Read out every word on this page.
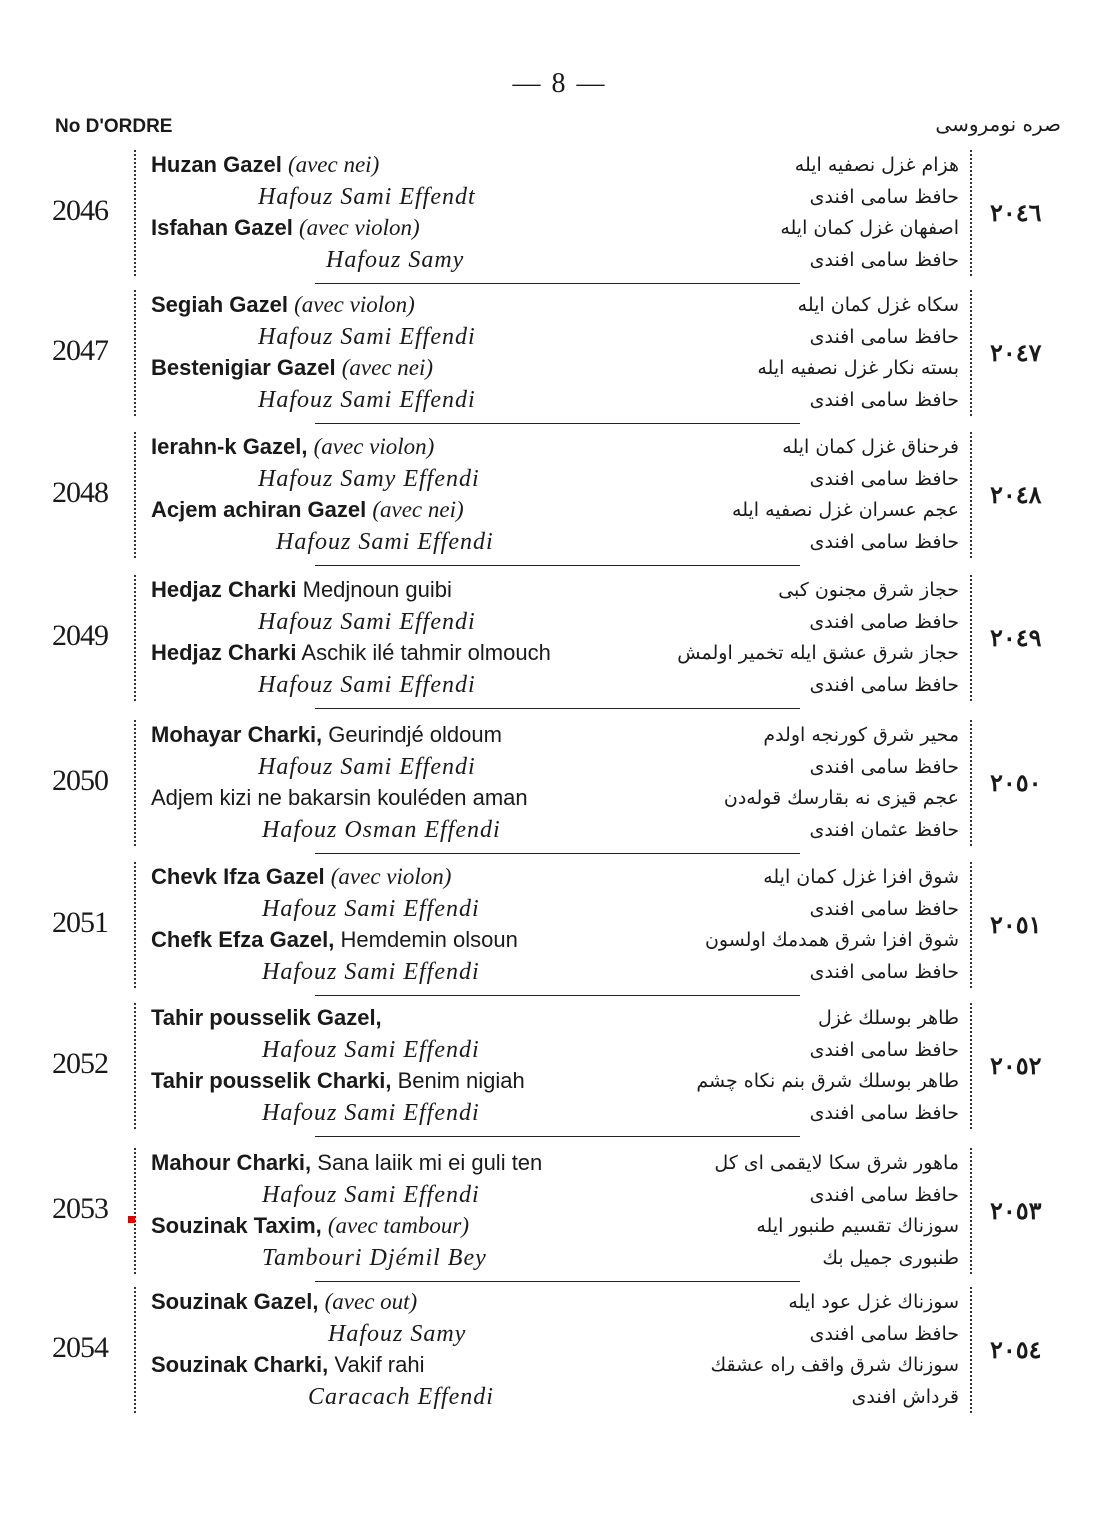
— 8 —
No D'ORDRE	صره نومروسی
2046	٢٠٤٦
Huzan Gazel (avec nei)	هزام غزل نصفیه ایله
Hafouz Sami Effendt	حافظ سامی افندی
Isfahan Gazel (avec violon)	اصفهان غزل کمان ایله
Hafouz Samy	حافظ سامی افندی
2047	٢٠٤٧
Segiah Gazel (avec violon)	سکاه غزل کمان ایله
Hafouz Sami Effendi	حافظ سامی افندی
Bestenigiar Gazel (avec nei)	بسته نکار غزل نصفیه ایله
Hafouz Sami Effendi	حافظ سامی افندی
2048	٢٠٤٨
Ierahn-k Gazel, (avec violon)	فرحناق غزل کمان ایله
Hafouz Samy Effendi	حافظ سامی افندی
Acjem achiran Gazel (avec nei)	عجم عسران غزل نصفیه ایله
Hafouz Sami Effendi	حافظ سامی افندی
2049	٢٠٤٩
Hedjaz Charki Medjnoun guibi	حجاز شرق مجنون کبی
Hafouz Sami Effendi	حافظ صامی افندی
Hedjaz Charki Aschik ilé tahmir olmouch	حجاز شرق عشق ایله تخمیر اولمش
Hafouz Sami Effendi	حافظ سامی افندی
2050	٢٠٥٠
Mohayar Charki, Geurindjé oldoum	محیر شرق کورنجه اولدم
Hafouz Sami Effendi	حافظ سامی افندی
Adjem kizi ne bakarsin kouléden aman	عجم قیزی نه بقارسك قولەدن
Hafouz Osman Effendi	حافظ عثمان افندی
2051	٢٠٥١
Chevk Ifza Gazel (avec violon)	شوق افزا غزل کمان ایله
Hafouz Sami Effendi	حافظ سامی افندی
Chefk Efza Gazel, Hemdemin olsoun	شوق افزا شرق همدمك اولسون
Hafouz Sami Effendi	حافظ سامی افندی
2052	٢٠٥٢
Tahir pousselik Gazel,	طاهر بوسلك غزل
Hafouz Sami Effendi	حافظ سامی افندی
Tahir pousselik Charki, Benim nigiah	طاهر بوسلك شرق بنم نکاه چشم
Hafouz Sami Effendi	حافظ سامی افندی
2053	٢٠٥٣
Mahour Charki, Sana laiik mi ei guli ten	ماهور شرق سکا لایقمی ای کل
Hafouz Sami Effendi	حافظ سامی افندی
Souzinak Taxim, (avec tambour)	سوزناك تقسیم طنبور ایله
Tambouri Djémil Bey	طنبوری جمیل بك
2054	٢٠٥٤
Souzinak Gazel, (avec out)	سوزناك غزل عود ایله
Hafouz Samy	حافظ سامی افندی
Souzinak Charki, Vakif rahi	سوزناك شرق واقف راه عشقك
Caracach Effendi	قرداش افندی
